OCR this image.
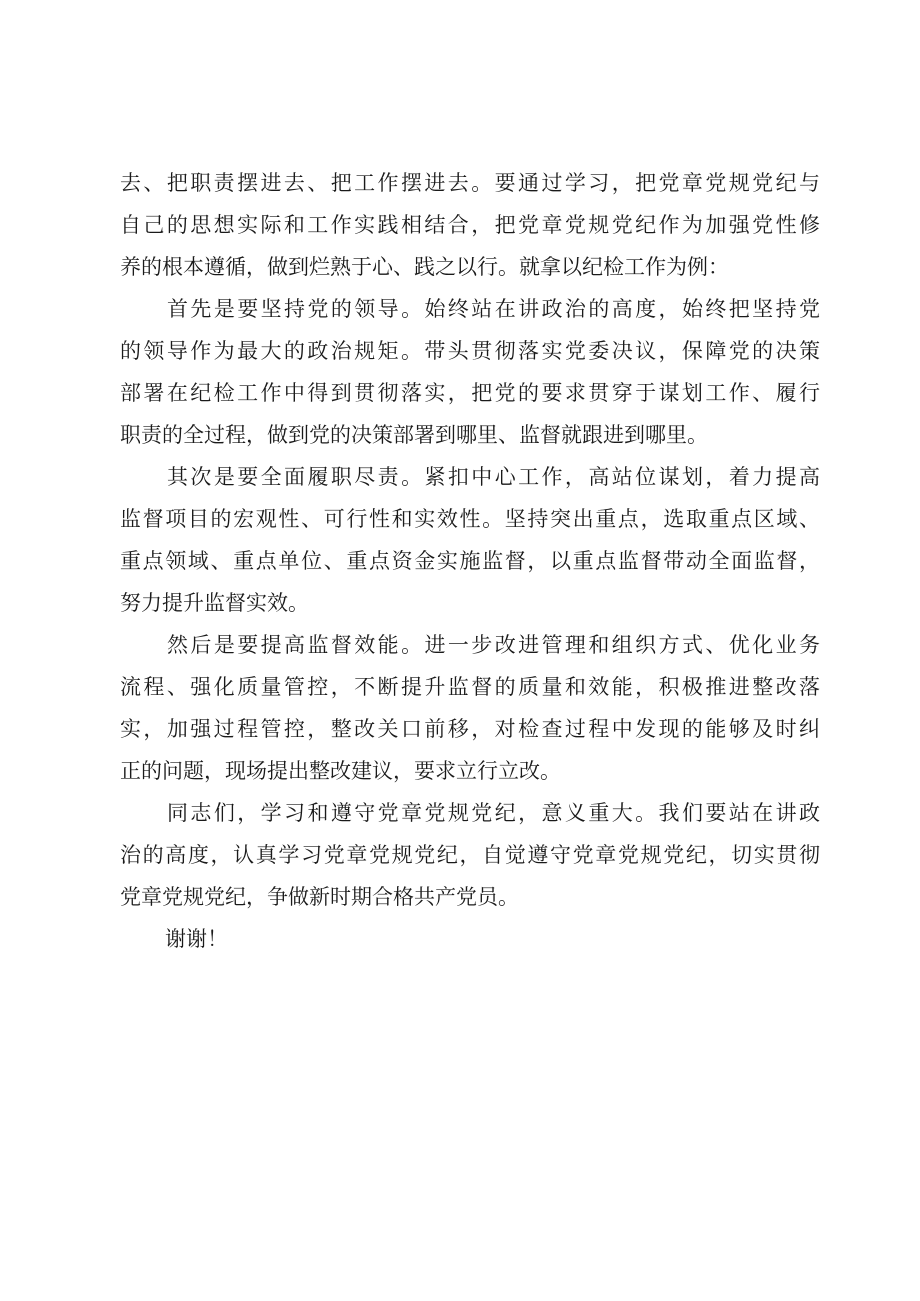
去、把职责摆进去、把工作摆进去。要通过学习，把党章党规党纪与
自己的思想实际和工作实践相结合，把党章党规党纪作为加强党性修
养的根本遵循，做到烂熟于心、践之以行。就拿以纪检工作为例：
首先是要坚持党的领导。始终站在讲政治的高度，始终把坚持党
的领导作为最大的政治规矩。带头贯彻落实党委决议，保障党的决策
部署在纪检工作中得到贯彻落实，把党的要求贯穿于谋划工作、履行
职责的全过程，做到党的决策部署到哪里、监督就跟进到哪里。
其次是要全面履职尽责。紧扣中心工作，高站位谋划，着力提高
监督项目的宏观性、可行性和实效性。坚持突出重点，选取重点区域、
重点领域、重点单位、重点资金实施监督，以重点监督带动全面监督，
努力提升监督实效。
然后是要提高监督效能。进一步改进管理和组织方式、优化业务
流程、强化质量管控，不断提升监督的质量和效能，积极推进整改落
实，加强过程管控，整改关口前移，对检查过程中发现的能够及时纠
正的问题，现场提出整改建议，要求立行立改。
同志们，学习和遵守党章党规党纪，意义重大。我们要站在讲政
治的高度，认真学习党章党规党纪，自觉遵守党章党规党纪，切实贯彻
党章党规党纪，争做新时期合格共产党员。
谢谢！
